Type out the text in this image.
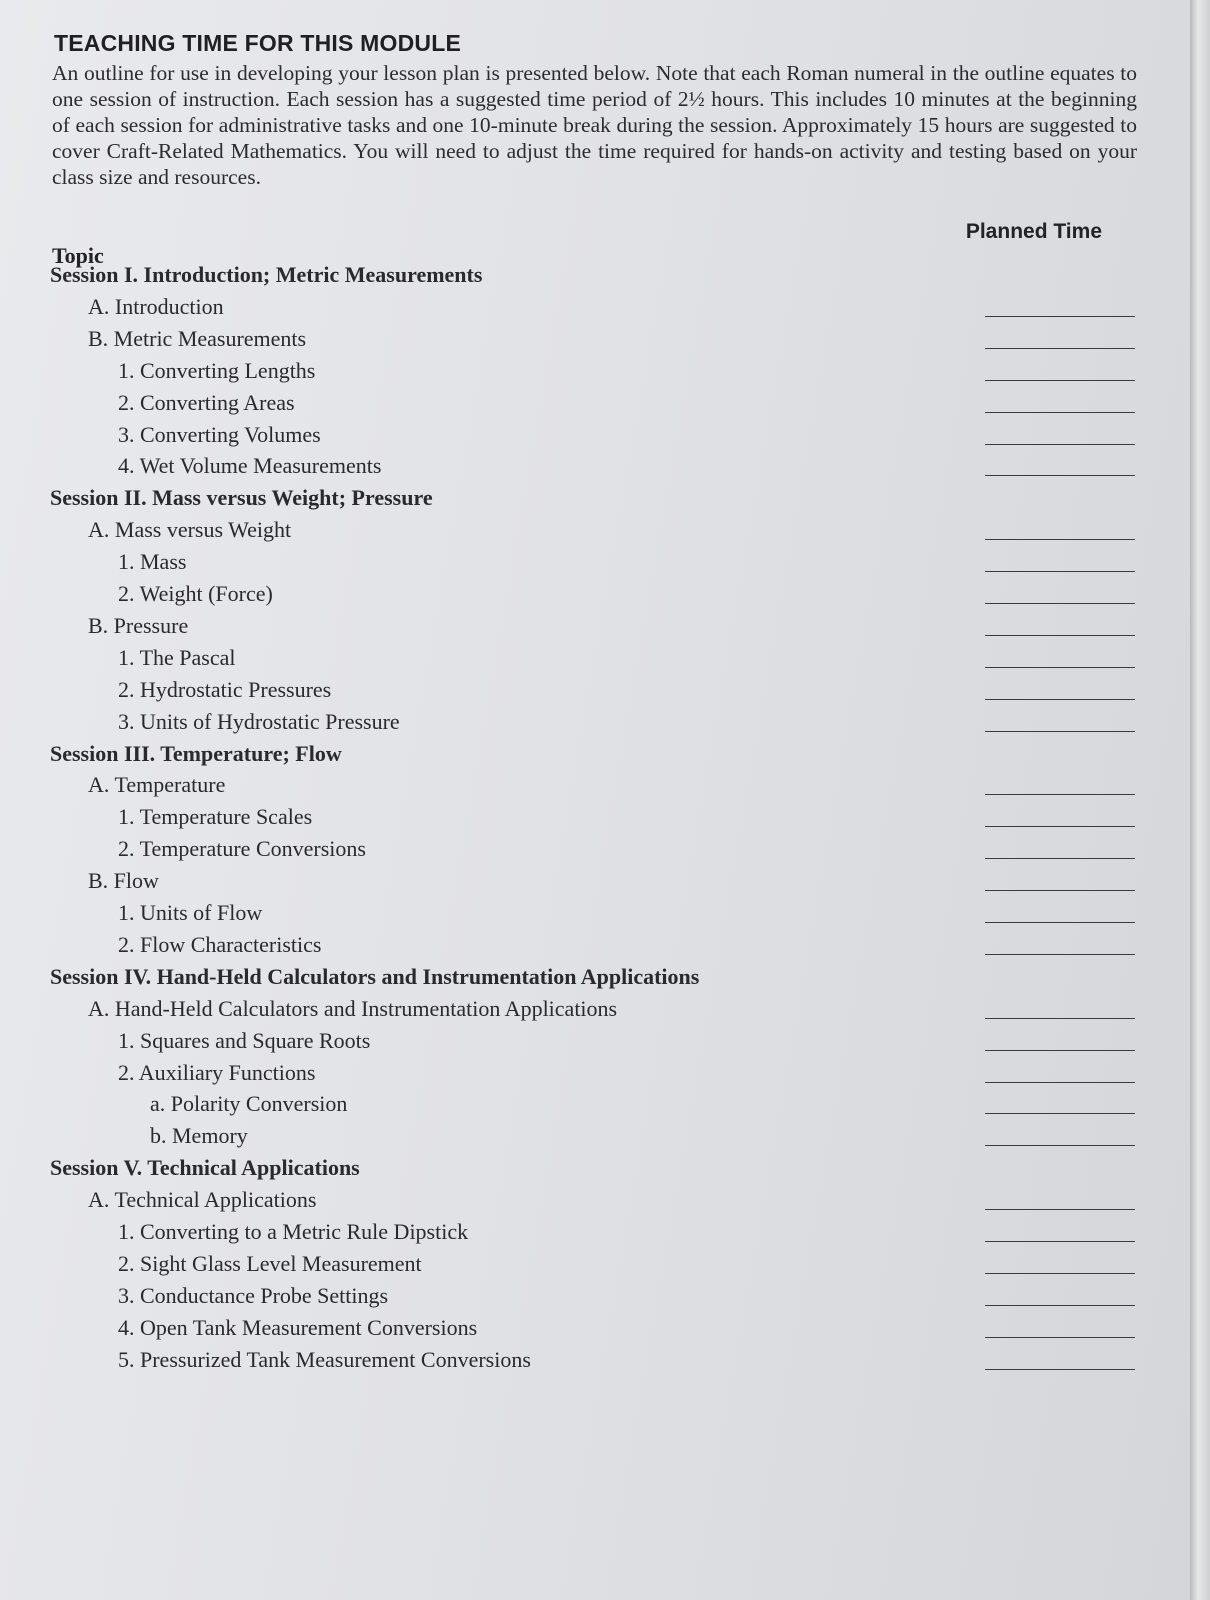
TEACHING TIME FOR THIS MODULE
An outline for use in developing your lesson plan is presented below. Note that each Roman numeral in the outline equates to one session of instruction. Each session has a suggested time period of 2½ hours. This includes 10 minutes at the beginning of each session for administrative tasks and one 10-minute break during the session. Approximately 15 hours are suggested to cover Craft-Related Mathematics. You will need to adjust the time required for hands-on activity and testing based on your class size and resources.
Topic
Planned Time
Session I. Introduction; Metric Measurements
A. Introduction
B. Metric Measurements
1. Converting Lengths
2. Converting Areas
3. Converting Volumes
4. Wet Volume Measurements
Session II. Mass versus Weight; Pressure
A. Mass versus Weight
1. Mass
2. Weight (Force)
B. Pressure
1. The Pascal
2. Hydrostatic Pressures
3. Units of Hydrostatic Pressure
Session III. Temperature; Flow
A. Temperature
1. Temperature Scales
2. Temperature Conversions
B. Flow
1. Units of Flow
2. Flow Characteristics
Session IV. Hand-Held Calculators and Instrumentation Applications
A. Hand-Held Calculators and Instrumentation Applications
1. Squares and Square Roots
2. Auxiliary Functions
a. Polarity Conversion
b. Memory
Session V. Technical Applications
A. Technical Applications
1. Converting to a Metric Rule Dipstick
2. Sight Glass Level Measurement
3. Conductance Probe Settings
4. Open Tank Measurement Conversions
5. Pressurized Tank Measurement Conversions
